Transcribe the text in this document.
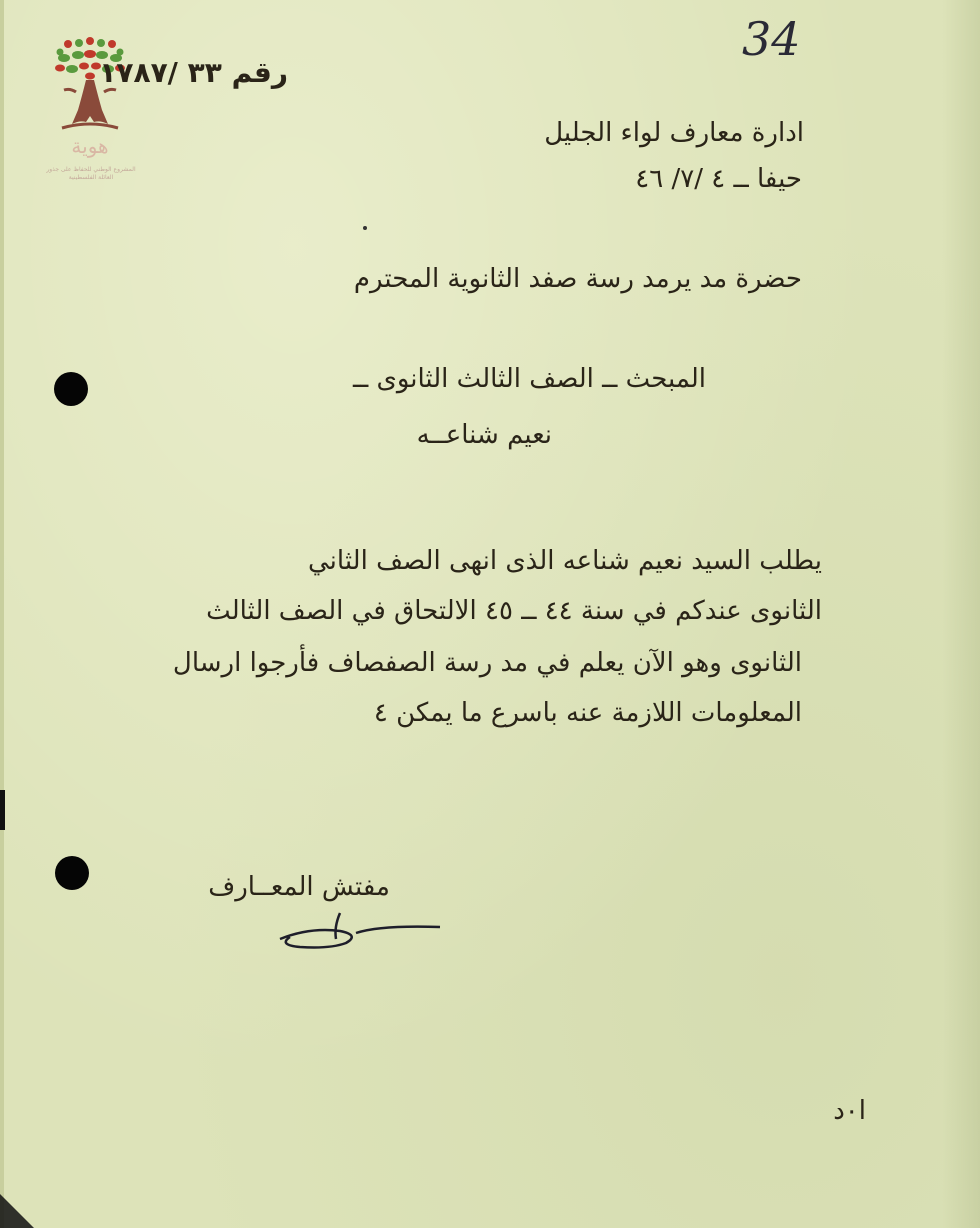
هوية
المشروع الوطني للحفاظ على جذور العائلة الفلسطينية
34
رقم ٣٣ /١٧٨٧
ادارة معارف لواء الجليل
حيفا ــ ٤ /٧/ ٤٦
حضرة مد يرمد رسة صفد الثانوية المحترم
المبحث ــ الصف الثالث الثانوى ــ
نعيم شناعــه
يطلب السيد نعيم شناعه الذى انهى الصف الثاني
الثانوى عندكم في سنة ٤٤ ــ ٤٥ الالتحاق في الصف الثالث
الثانوى وهو الآن يعلم في مد رسة الصفصاف فأرجوا ارسال
المعلومات اللازمة عنه باسرع ما يمكن ٤
مفتش المعــارف
ا٠د
